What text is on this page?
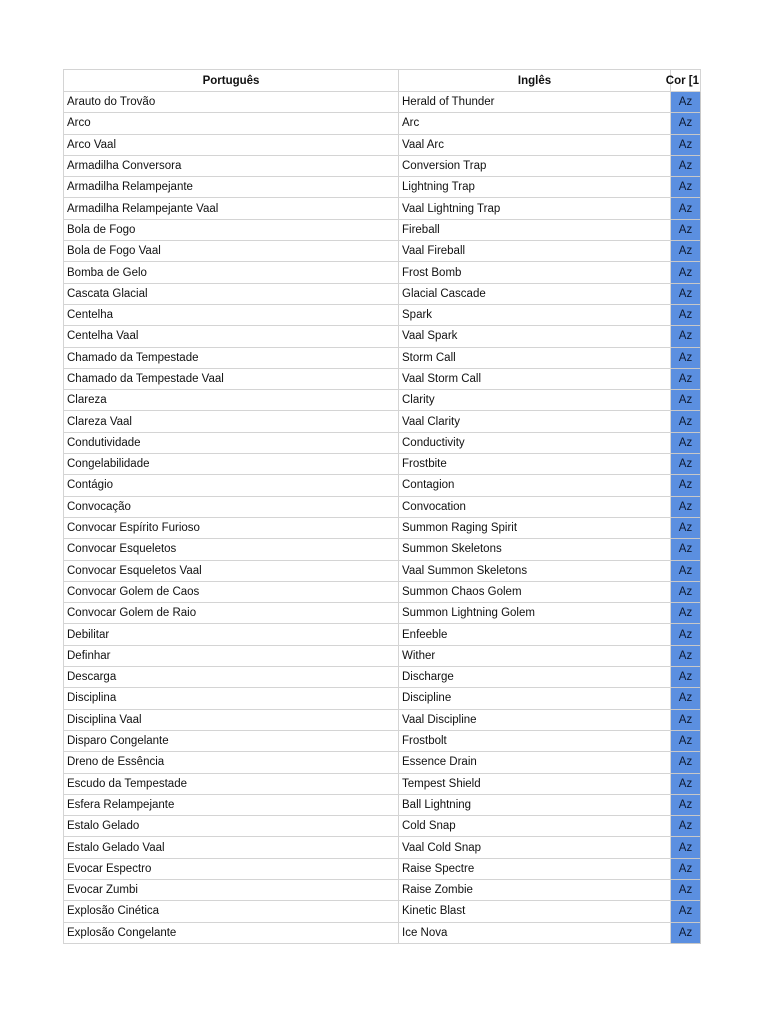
Português	Inglês	Cor [1
Arauto do Trovão	Herald of Thunder	Az
Arco	Arc	Az
Arco Vaal	Vaal Arc	Az
Armadilha Conversora	Conversion Trap	Az
Armadilha Relampejante	Lightning Trap	Az
Armadilha Relampejante Vaal	Vaal Lightning Trap	Az
Bola de Fogo	Fireball	Az
Bola de Fogo Vaal	Vaal Fireball	Az
Bomba de Gelo	Frost Bomb	Az
Cascata Glacial	Glacial Cascade	Az
Centelha	Spark	Az
Centelha Vaal	Vaal Spark	Az
Chamado da Tempestade	Storm Call	Az
Chamado da Tempestade Vaal	Vaal Storm Call	Az
Clareza	Clarity	Az
Clareza Vaal	Vaal Clarity	Az
Condutividade	Conductivity	Az
Congelabilidade	Frostbite	Az
Contágio	Contagion	Az
Convocação	Convocation	Az
Convocar Espírito Furioso	Summon Raging Spirit	Az
Convocar Esqueletos	Summon Skeletons	Az
Convocar Esqueletos Vaal	Vaal Summon Skeletons	Az
Convocar Golem de Caos	Summon Chaos Golem	Az
Convocar Golem de Raio	Summon Lightning Golem	Az
Debilitar	Enfeeble	Az
Definhar	Wither	Az
Descarga	Discharge	Az
Disciplina	Discipline	Az
Disciplina Vaal	Vaal Discipline	Az
Disparo Congelante	Frostbolt	Az
Dreno de Essência	Essence Drain	Az
Escudo da Tempestade	Tempest Shield	Az
Esfera Relampejante	Ball Lightning	Az
Estalo Gelado	Cold Snap	Az
Estalo Gelado Vaal	Vaal Cold Snap	Az
Evocar Espectro	Raise Spectre	Az
Evocar Zumbi	Raise Zombie	Az
Explosão Cinética	Kinetic Blast	Az
Explosão Congelante	Ice Nova	Az
